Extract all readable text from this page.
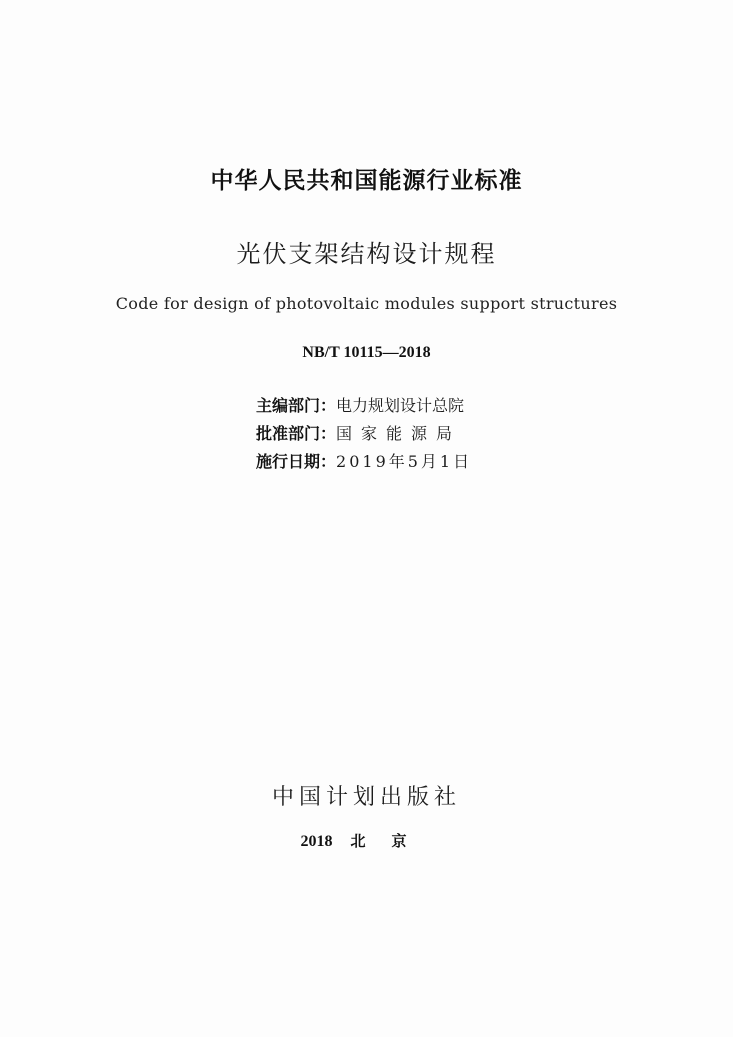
中华人民共和国能源行业标准
光伏支架结构设计规程
Code for design of photovoltaic modules support structures
NB/T 10115—2018
主编部门：电力规划设计总院
批准部门：国家能源局
施行日期：2019年5月1日
中国计划出版社
2018 北京
